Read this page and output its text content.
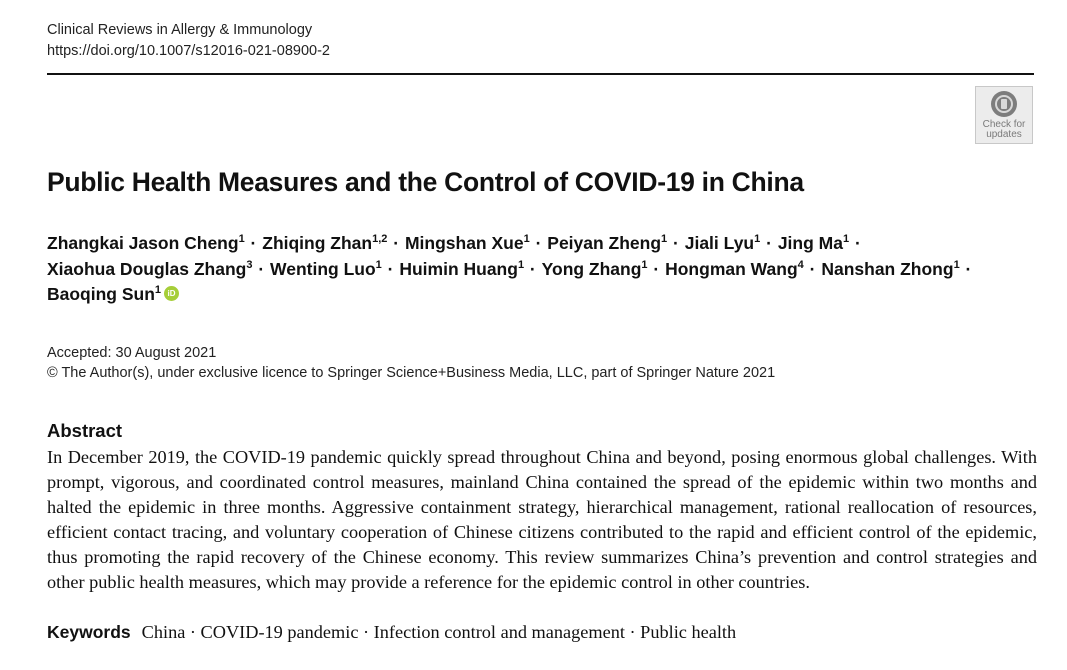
Clinical Reviews in Allergy & Immunology
https://doi.org/10.1007/s12016-021-08900-2
Check for
updates
Public Health Measures and the Control of COVID-19 in China
Zhangkai Jason Cheng$^1$ · Zhiqing Zhan$^{1,2}$ · Mingshan Xue$^1$ · Peiyan Zheng$^1$ · Jiali Lyu$^1$ · Jing $Ma^1$ ·
Xiaohua Douglas Zhang$^3$ · Wenting Luo$^1$ · Huimin Huang$^1$ · Yong Zhang$^1$ · Hongman Wang$^4$ · Nanshan Zhong$^1$ ·
Baoqing Sun$^1$ iD
Accepted: 30 August 2021
© The Author(s), under exclusive licence to Springer Science+Business Media, LLC, part of Springer Nature 2021
Abstract

In December 2019, the COVID-19 pandemic quickly spread throughout China and beyond, posing enormous global challenges. With prompt, vigorous, and coordinated control measures, mainland China contained the spread of the epidemic within two months and halted the epidemic in three months. Aggressive containment strategy, hierarchical management, rational reallocation of resources, efficient contact tracing, and voluntary cooperation of Chinese citizens contributed to the rapid and efficient control of the epidemic, thus promoting the rapid recovery of the Chinese economy. This review summarizes China’s prevention and control strategies and other public health measures, which may provide a reference for the epidemic control in other countries.

Keywords China · COVID-19 pandemic · Infection control and management · Public health
